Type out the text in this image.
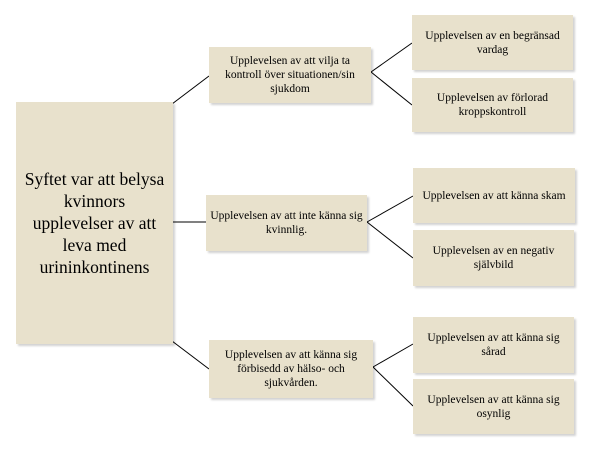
Syftet var att belysa kvinnors upplevelser av att leva med urininkontinens
Upplevelsen av att vilja ta kontroll över situationen/sin sjukdom
Upplevelsen av en begränsad vardag
Upplevelsen av förlorad kroppskontroll
Upplevelsen av att inte känna sig kvinnlig.
Upplevelsen av att känna skam
Upplevelsen av en negativ självbild
Upplevelsen av att känna sig förbisedd av hälso- och sjukvården.
Upplevelsen av att känna sig sårad
Upplevelsen av att känna sig osynlig
